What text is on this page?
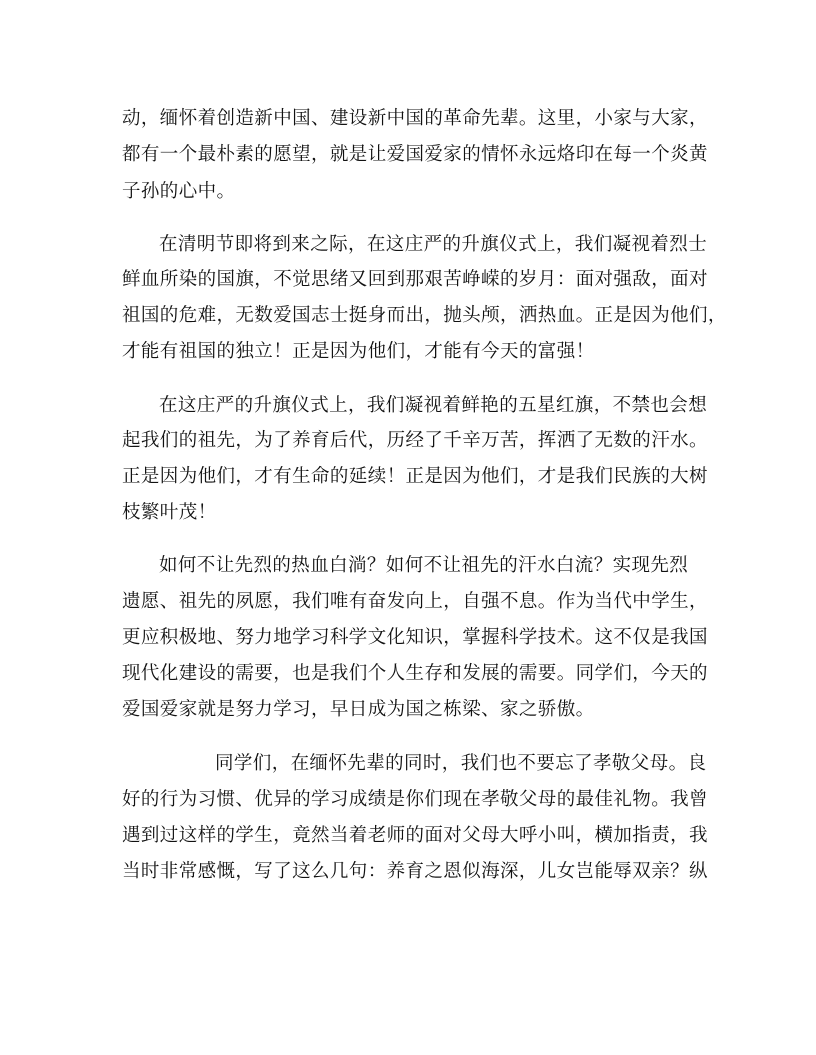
动，缅怀着创造新中国、建设新中国的革命先辈。这里，小家与大家，
都有一个最朴素的愿望，就是让爱国爱家的情怀永远烙印在每一个炎黄
子孙的心中。
在清明节即将到来之际，在这庄严的升旗仪式上，我们凝视着烈士
鲜血所染的国旗，不觉思绪又回到那艰苦峥嵘的岁月：面对强敌，面对
祖国的危难，无数爱国志士挺身而出，抛头颅，洒热血。正是因为他们，
才能有祖国的独立！正是因为他们，才能有今天的富强！
在这庄严的升旗仪式上，我们凝视着鲜艳的五星红旗，不禁也会想
起我们的祖先，为了养育后代，历经了千辛万苦，挥洒了无数的汗水。
正是因为他们，才有生命的延续！正是因为他们，才是我们民族的大树
枝繁叶茂！
如何不让先烈的热血白淌？如何不让祖先的汗水白流？实现先烈
遗愿、祖先的夙愿，我们唯有奋发向上，自强不息。作为当代中学生，
更应积极地、努力地学习科学文化知识，掌握科学技术。这不仅是我国
现代化建设的需要，也是我们个人生存和发展的需要。同学们，今天的
爱国爱家就是努力学习，早日成为国之栋梁、家之骄傲。
同学们，在缅怀先辈的同时，我们也不要忘了孝敬父母。良
好的行为习惯、优异的学习成绩是你们现在孝敬父母的最佳礼物。我曾
遇到过这样的学生，竟然当着老师的面对父母大呼小叫，横加指责，我
当时非常感慨，写了这么几句：养育之恩似海深，儿女岂能辱双亲？纵
